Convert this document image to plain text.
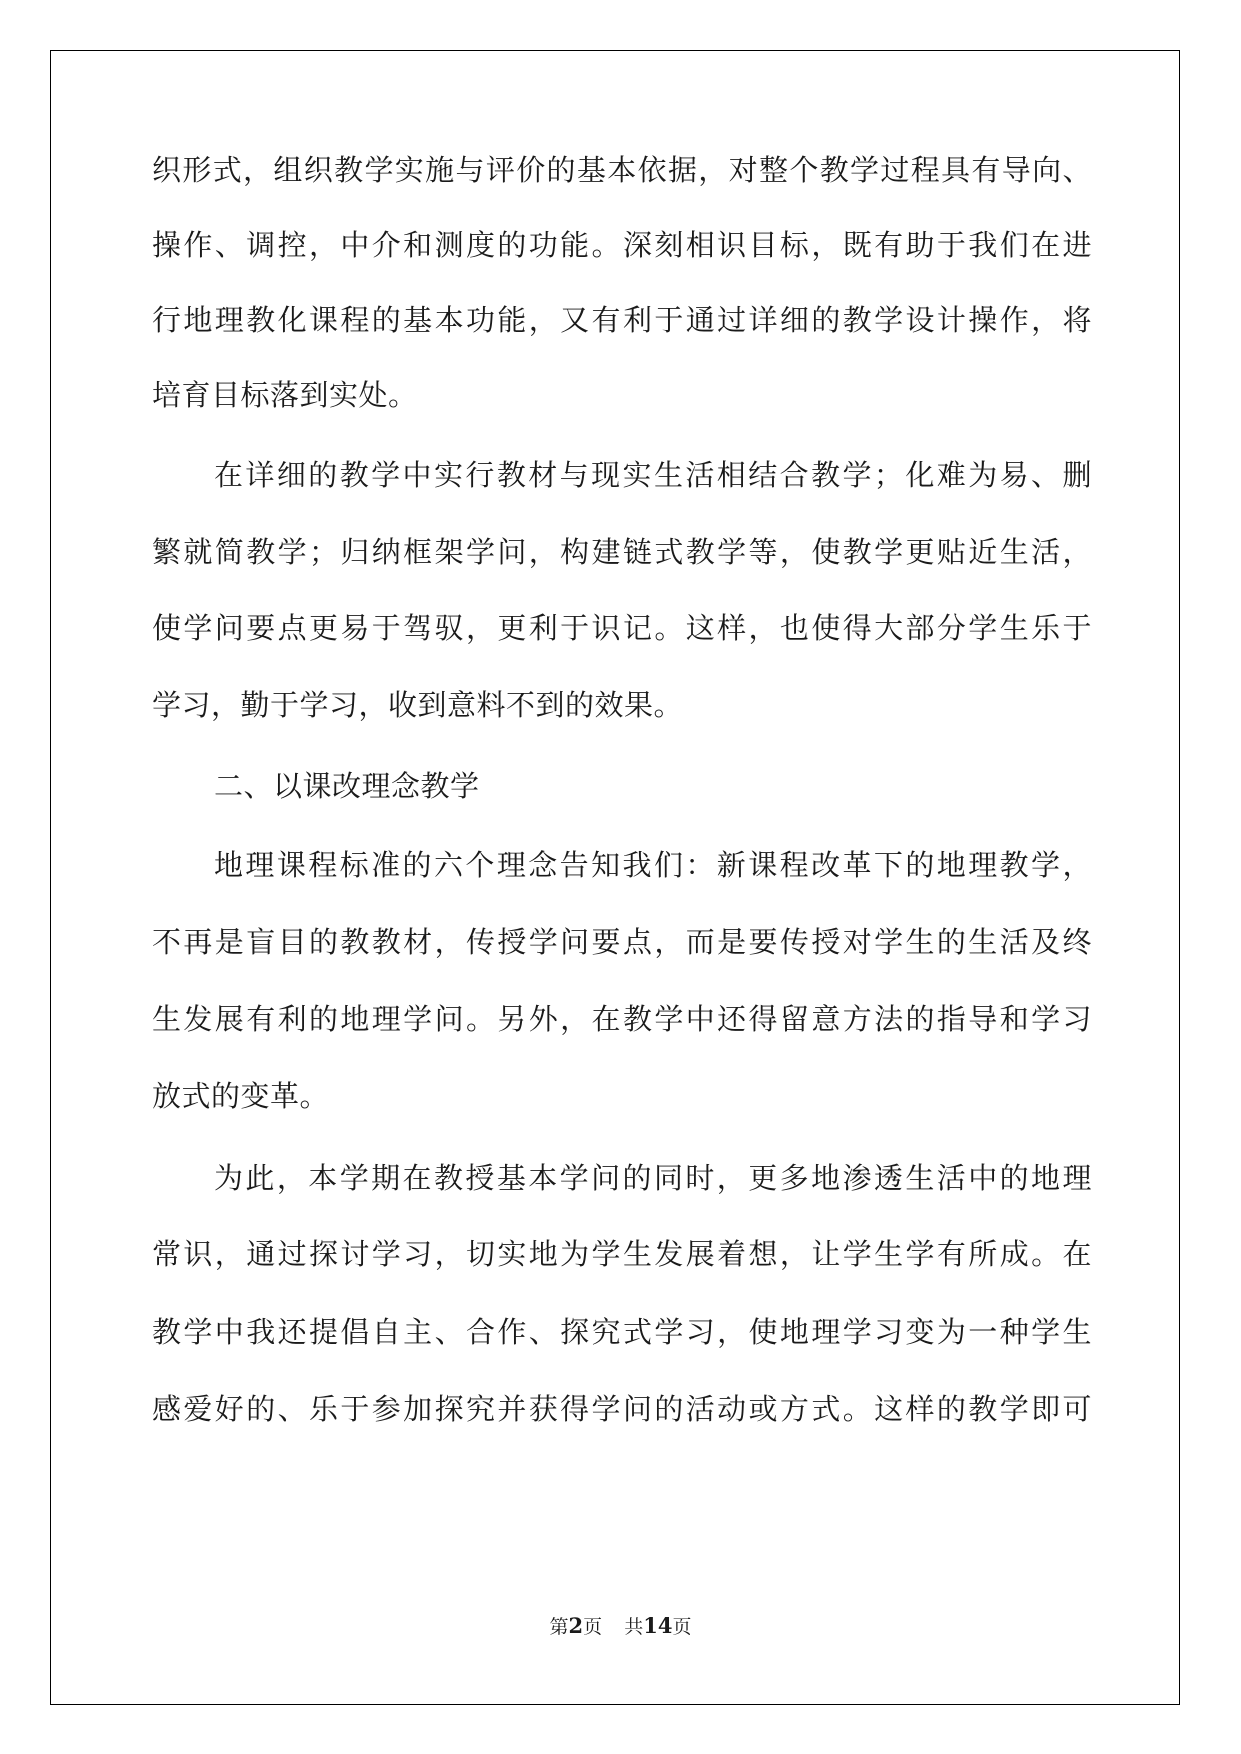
织形式，组织教学实施与评价的基本依据，对整个教学过程具有导向、
操作、调控，中介和测度的功能。深刻相识目标，既有助于我们在进
行地理教化课程的基本功能，又有利于通过详细的教学设计操作，将
培育目标落到实处。
在详细的教学中实行教材与现实生活相结合教学；化难为易、删
繁就简教学；归纳框架学问，构建链式教学等，使教学更贴近生活，
使学问要点更易于驾驭，更利于识记。这样，也使得大部分学生乐于
学习，勤于学习，收到意料不到的效果。
二、以课改理念教学
地理课程标准的六个理念告知我们：新课程改革下的地理教学，
不再是盲目的教教材，传授学问要点，而是要传授对学生的生活及终
生发展有利的地理学问。另外，在教学中还得留意方法的指导和学习
放式的变革。
为此，本学期在教授基本学问的同时，更多地渗透生活中的地理
常识，通过探讨学习，切实地为学生发展着想，让学生学有所成。在
教学中我还提倡自主、合作、探究式学习，使地理学习变为一种学生
感爱好的、乐于参加探究并获得学问的活动或方式。这样的教学即可
第2页 共14页
